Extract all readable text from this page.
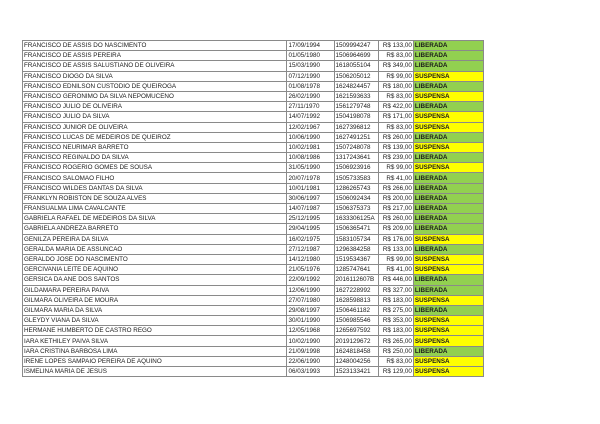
FRANCISCO DE ASSIS DO NASCIMENTO	17/09/1994	1509994247	R$ 133,00	LIBERADA
FRANCISCO DE ASSIS PEREIRA	01/05/1980	1506964699	R$ 83,00	LIBERADA
FRANCISCO DE ASSIS SALUSTIANO DE OLIVEIRA	15/03/1990	1618055104	R$ 349,00	LIBERADA
FRANCISCO DIOGO DA SILVA	07/12/1990	1506205012	R$ 99,00	SUSPENSA
FRANCISCO EDNILSON CUSTODIO DE QUEIROGA	01/08/1978	1624824457	R$ 180,00	LIBERADA
FRANCISCO GERONIMO DA SILVA NEPOMUCENO	26/02/1990	1621593633	R$ 83,00	SUSPENSA
FRANCISCO JULIO DE OLIVEIRA	27/11/1970	1561279748	R$ 422,00	LIBERADA
FRANCISCO JULIO DA SILVA	14/07/1992	1504198078	R$ 171,00	SUSPENSA
FRANCISCO JUNIOR DE OLIVEIRA	12/02/1967	1627396812	R$ 83,00	SUSPENSA
FRANCISCO LUCAS DE MEDEIROS DE QUEIROZ	10/06/1990	1627491251	R$ 260,00	LIBERADA
FRANCISCO NEURIMAR BARRETO	10/02/1981	1507248078	R$ 139,00	SUSPENSA
FRANCISCO REGINALDO DA SILVA	10/08/1986	1317243641	R$ 239,00	LIBERADA
FRANCISCO ROGERIO GOMES DE SOUSA	31/05/1990	1506923916	R$ 99,00	SUSPENSA
FRANCISCO SALOMAO FILHO	20/07/1978	1505733583	R$ 41,00	LIBERADA
FRANCISCO WILDES DANTAS DA SILVA	10/01/1981	1286265743	R$ 266,00	LIBERADA
FRANKLYN ROBISTON DE SOUZA ALVES	30/06/1997	1506092434	R$ 200,00	LIBERADA
FRANSUALMA LIMA CAVALCANTE	14/07/1987	1506375373	R$ 217,00	LIBERADA
GABRIELA RAFAEL DE MEDEIROS DA SILVA	25/12/1995	1633306125A	R$ 260,00	LIBERADA
GABRIELA ANDREZA BARRETO	29/04/1995	1506365471	R$ 209,00	LIBERADA
GENILZA PEREIRA DA SILVA	16/02/1975	1583105734	R$ 176,00	SUSPENSA
GERALDA MARIA DE ASSUNCAO	27/12/1987	1296384258	R$ 133,00	LIBERADA
GERALDO JOSE DO NASCIMENTO	14/12/1980	1519534367	R$ 99,00	SUSPENSA
GERCIVANIA LEITE DE AQUINO	21/05/1976	1285747641	R$ 41,00	SUSPENSA
GERSICA DA ANE DOS SANTOS	22/09/1992	2016112607B	R$ 446,00	LIBERADA
GILDAMARA PEREIRA PAIVA	12/06/1990	1627228992	R$ 327,00	LIBERADA
GILMARA OLIVEIRA DE MOURA	27/07/1980	1628598813	R$ 183,00	SUSPENSA
GILMARA MARIA DA SILVA	29/08/1997	1506461182	R$ 275,00	LIBERADA
GLEYDY VIANA DA SILVA	30/01/1990	1506985546	R$ 353,00	SUSPENSA
HERMANE HUMBERTO DE CASTRO REGO	12/05/1968	1265697592	R$ 183,00	SUSPENSA
IARA KETHILEY PAIVA SILVA	10/02/1990	2019129672	R$ 265,00	SUSPENSA
IARA CRISTINA BARBOSA LIMA	21/09/1998	1624818458	R$ 250,00	LIBERADA
IRENE LOPES SAMPAIO PEREIRA DE AQUINO	22/06/1990	1248004256	R$ 83,00	SUSPENSA
ISMELINA MARIA DE JESUS	06/03/1993	1523133421	R$ 129,00	SUSPENSA
